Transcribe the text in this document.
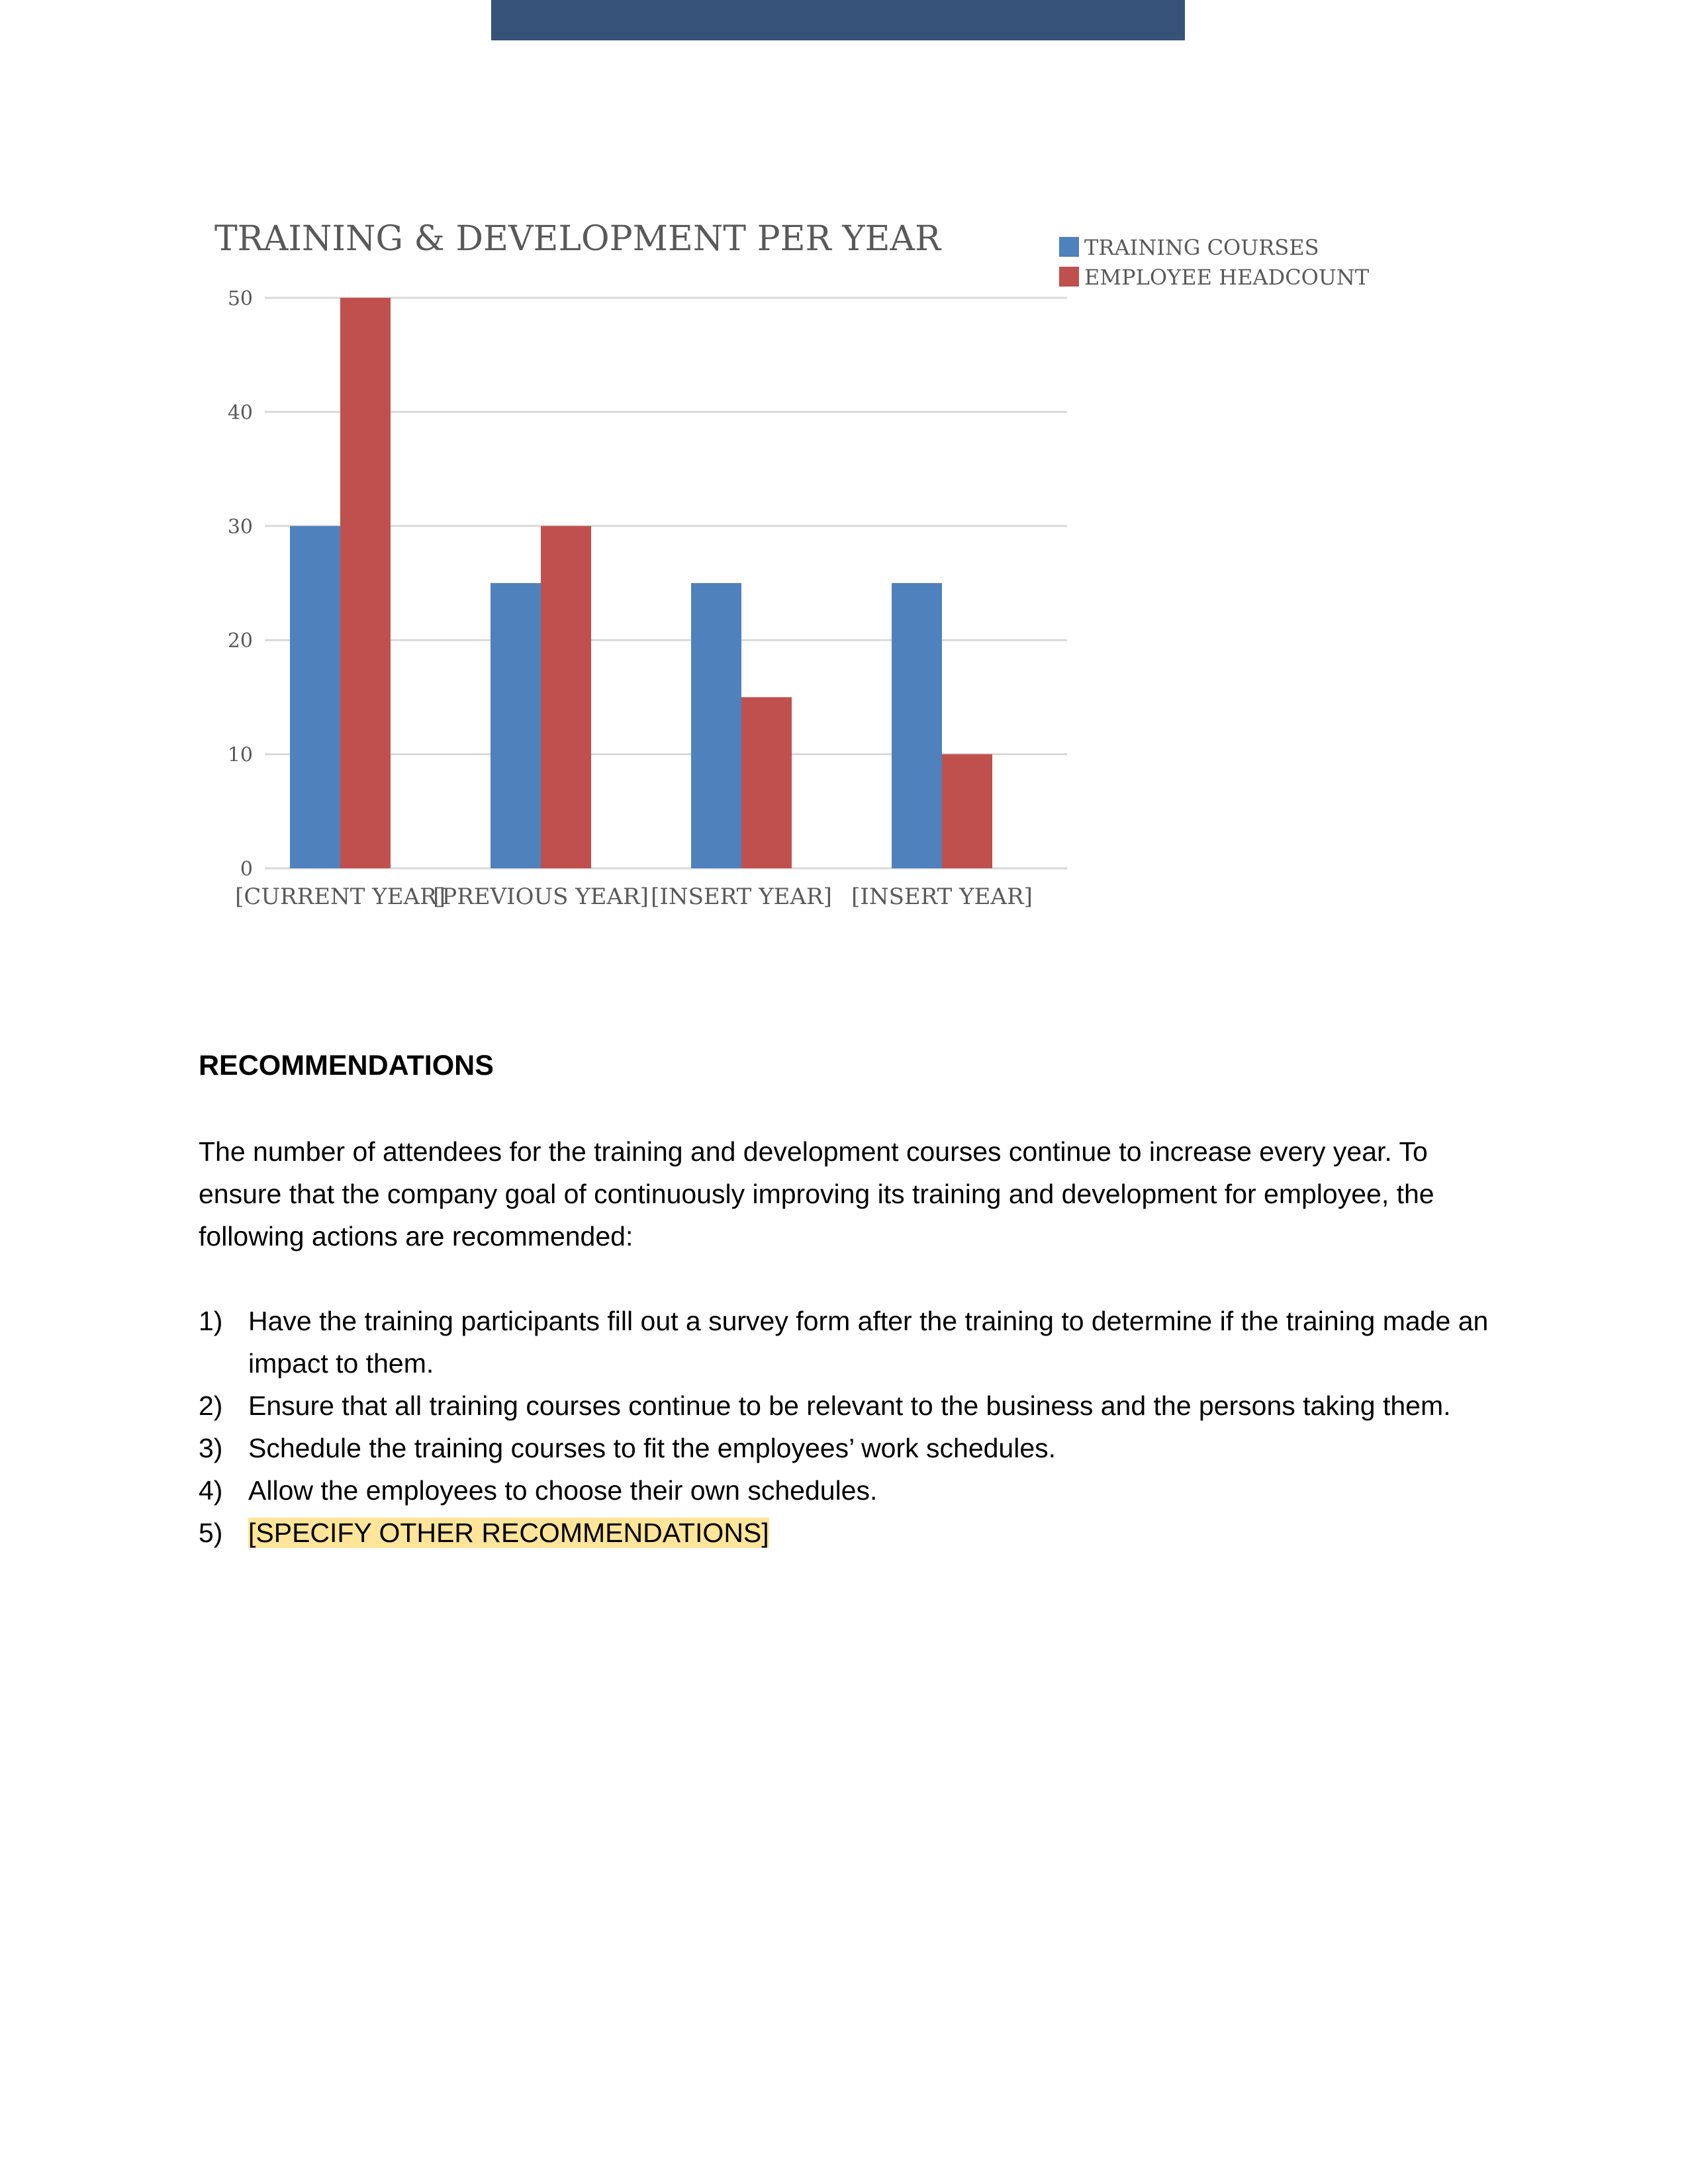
0
10
20
30
40
50
[CURRENT YEAR]
[PREVIOUS YEAR] [INSERT YEAR] [INSERT YEAR]
TRAINING & DEVELOPMENT PER YEAR	TRAINING COURSES
EMPLOYEE HEADCOUNT
RECOMMENDATIONS

The number of attendees for the training and development courses continue to increase every year. To ensure that the company goal of continuously improving its training and development for employee, the following actions are recommended:

1) Have the training participants fill out a survey form after the training to determine if the training made an impact to them.
2) Ensure that all training courses continue to be relevant to the business and the persons taking them.
3) Schedule the training courses to fit the employees’ work schedules.
4) Allow the employees to choose their own schedules.
5) [SPECIFY OTHER RECOMMENDATIONS]
